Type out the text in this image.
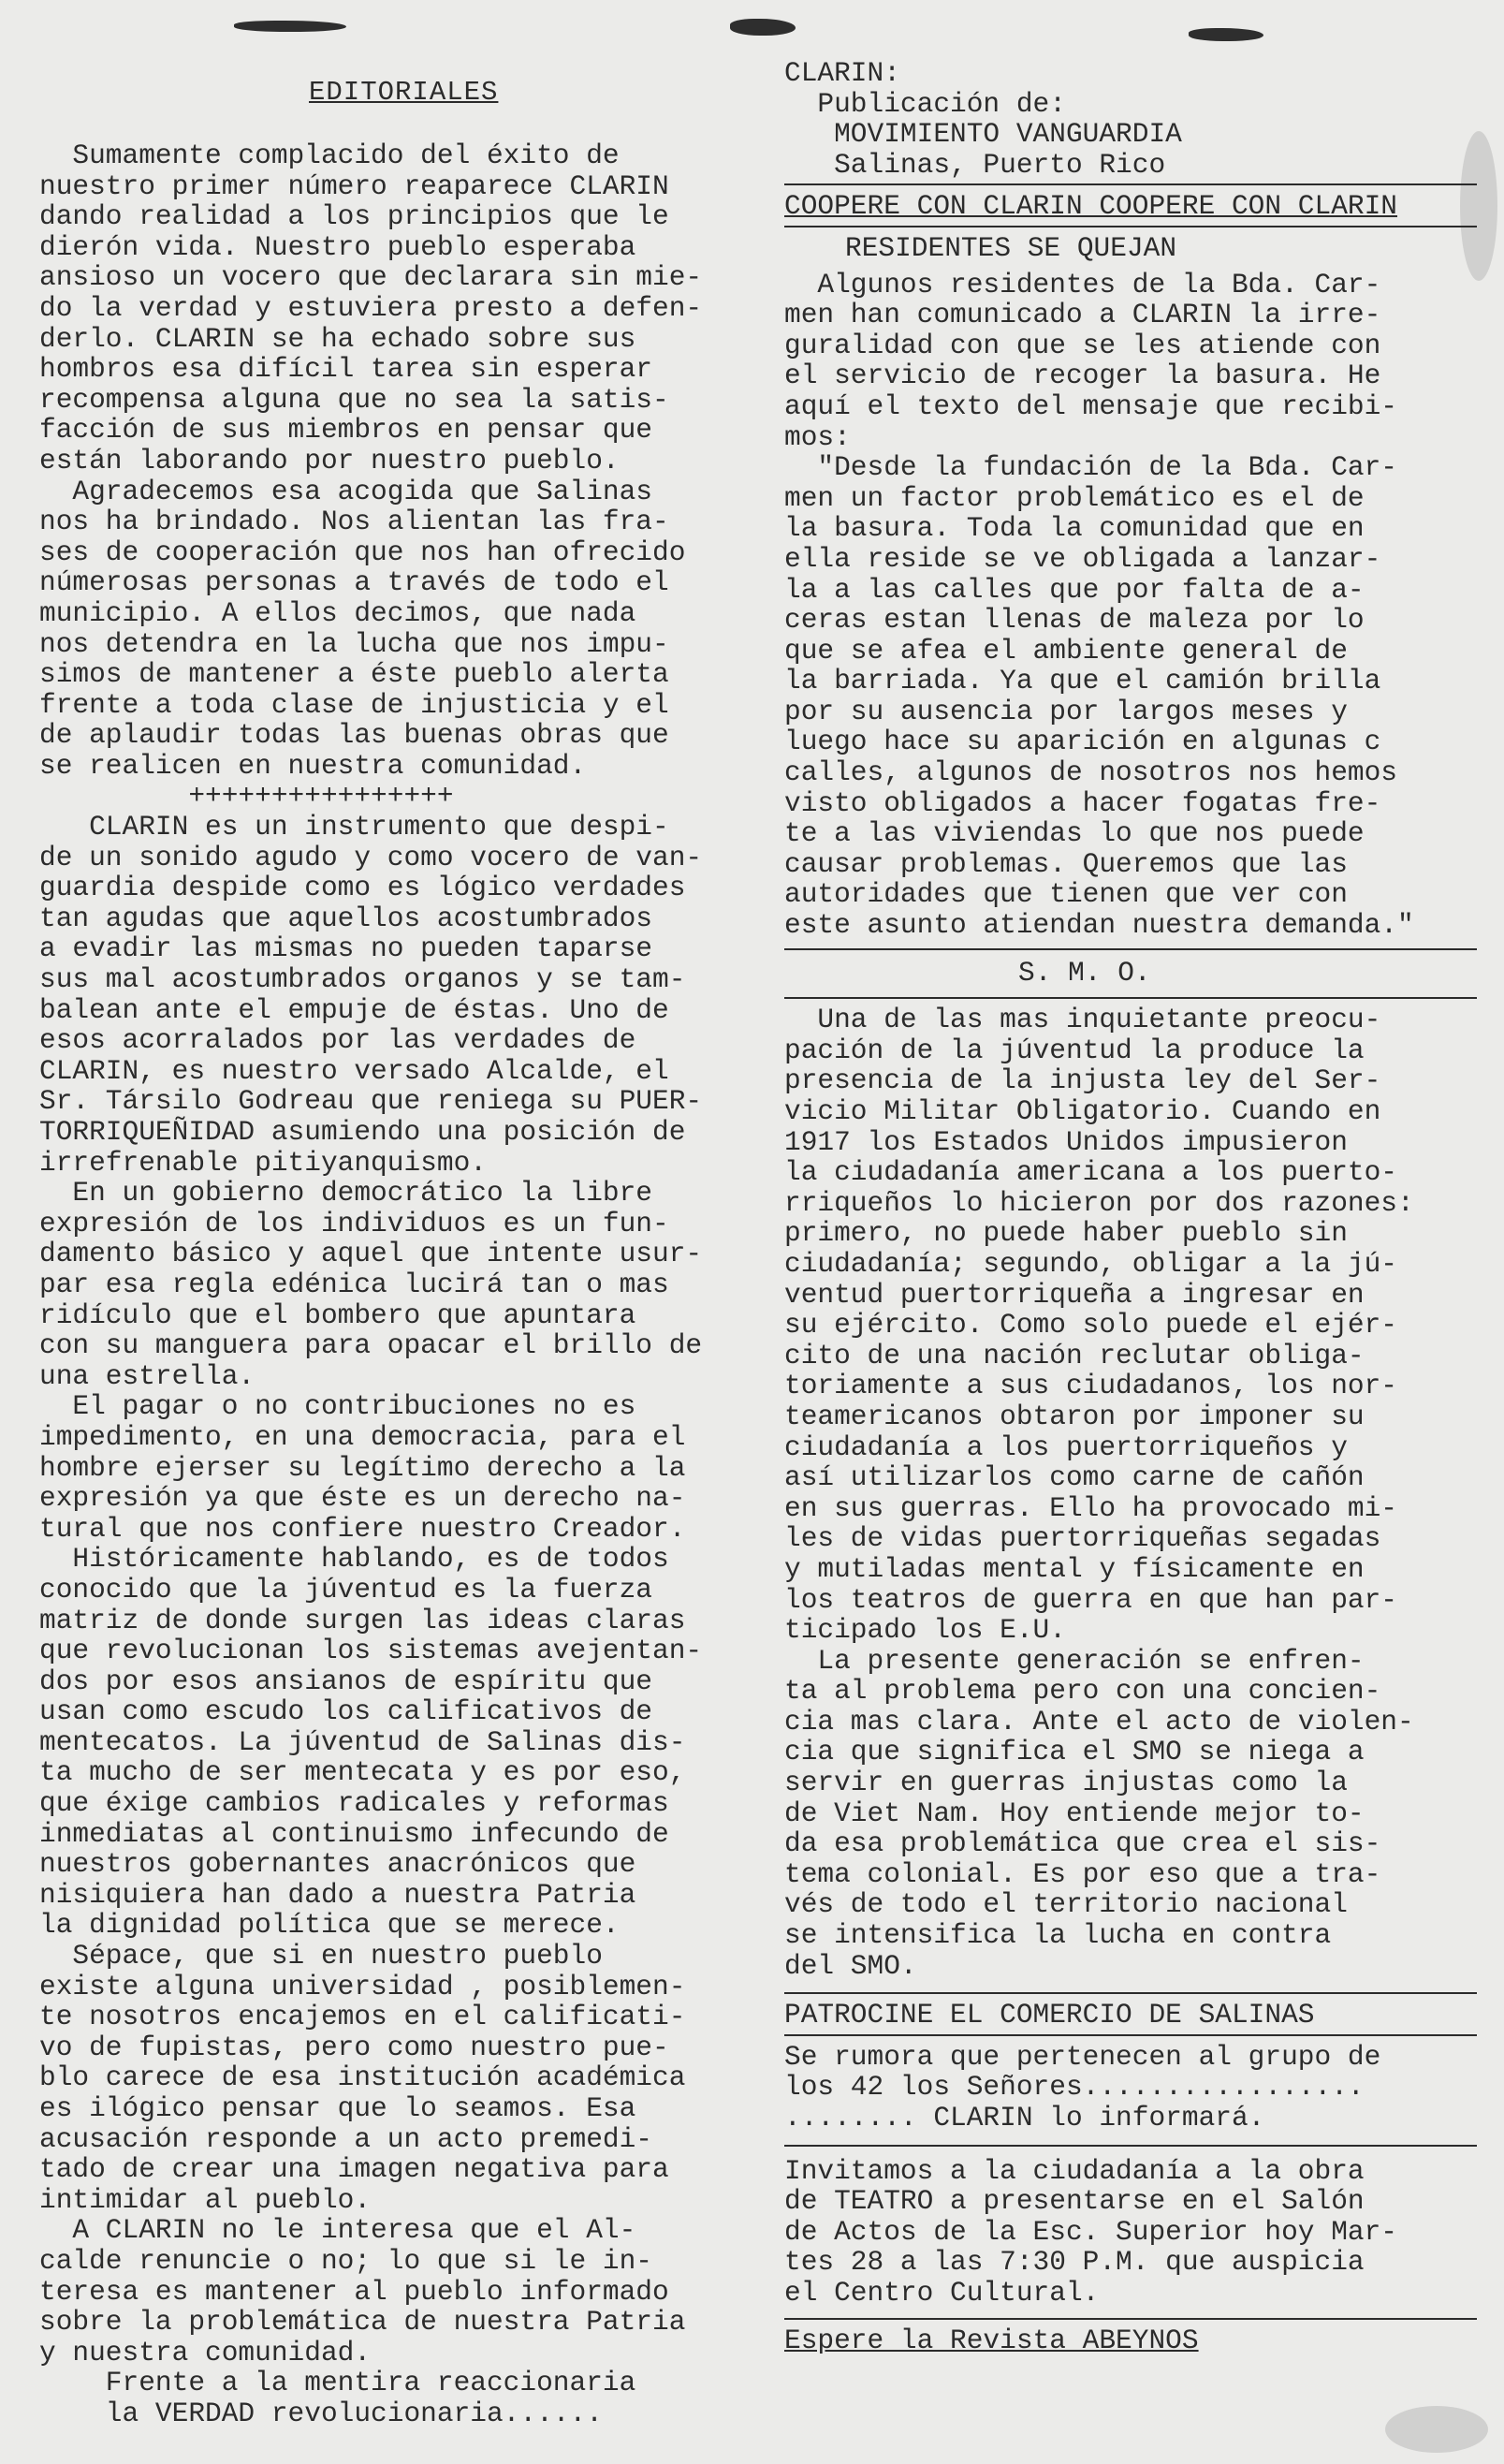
EDITORIALES

Sumamente complacido del éxito de

nuestro primer número reaparece CLARIN

dando realidad a los principios que le

dierón vida. Nuestro pueblo esperaba

ansioso un vocero que declarara sin mie-

do la verdad y estuviera presto a defen-

derlo. CLARIN se ha echado sobre sus

hombros esa difícil tarea sin esperar

recompensa alguna que no sea la satis-

facción de sus miembros en pensar que

están laborando por nuestro pueblo.

Agradecemos esa acogida que Salinas

nos ha brindado. Nos alientan las fra-

ses de cooperación que nos han ofrecido

númerosas personas a través de todo el

municipio. A ellos decimos, que nada

nos detendra en la lucha que nos impu-

simos de mantener a éste pueblo alerta

frente a toda clase de injusticia y el

de aplaudir todas las buenas obras que

se realicen en nuestra comunidad.

++++++++++++++++

CLARIN es un instrumento que despi-

de un sonido agudo y como vocero de van-

guardia despide como es lógico verdades

tan agudas que aquellos acostumbrados

a evadir las mismas no pueden taparse

sus mal acostumbrados organos y se tam-

balean ante el empuje de éstas. Uno de

esos acorralados por las verdades de

CLARIN, es nuestro versado Alcalde, el

Sr. Társilo Godreau que reniega su PUER-

TORRIQUEÑIDAD asumiendo una posición de

irrefrenable pitiyanquismo.

En un gobierno democrático la libre

expresión de los individuos es un fun-

damento básico y aquel que intente usur-

par esa regla edénica lucirá tan o mas

ridículo que el bombero que apuntara

con su manguera para opacar el brillo de

una estrella.

El pagar o no contribuciones no es

impedimento, en una democracia, para el

hombre ejerser su legítimo derecho a la

expresión ya que éste es un derecho na-

tural que nos confiere nuestro Creador.

Históricamente hablando, es de todos

conocido que la júventud es la fuerza

matriz de donde surgen las ideas claras

que revolucionan los sistemas avejentan-

dos por esos ansianos de espíritu que

usan como escudo los calificativos de

mentecatos. La júventud de Salinas dis-

ta mucho de ser mentecata y es por eso,

que éxige cambios radicales y reformas

inmediatas al continuismo infecundo de

nuestros gobernantes anacrónicos que

nisiquiera han dado a nuestra Patria

la dignidad política que se merece.

Sépace, que si en nuestro pueblo

existe alguna universidad , posiblemen-

te nosotros encajemos en el calificati-

vo de fupistas, pero como nuestro pue-

blo carece de esa institución académica

es ilógico pensar que lo seamos. Esa

acusación responde a un acto premedi-

tado de crear una imagen negativa para

intimidar al pueblo.

A CLARIN no le interesa que el Al-

calde renuncie o no; lo que si le in-

teresa es mantener al pueblo informado

sobre la problemática de nuestra Patria

y nuestra comunidad.

Frente a la mentira reaccionaria

la VERDAD revolucionaria......

CLARIN:

Publicación de:

MOVIMIENTO VANGUARDIA

Salinas, Puerto Rico

COOPERE CON CLARIN COOPERE CON CLARIN

RESIDENTES SE QUEJAN

Algunos residentes de la Bda. Car-

men han comunicado a CLARIN la irre-

guralidad con que se les atiende con

el servicio de recoger la basura. He

aquí el texto del mensaje que recibi-

mos:

"Desde la fundación de la Bda. Car-

men un factor problemático es el de

la basura. Toda la comunidad que en

ella reside se ve obligada a lanzar-

la a las calles que por falta de a-

ceras estan llenas de maleza por lo

que se afea el ambiente general de

la barriada. Ya que el camión brilla

por su ausencia por largos meses y

luego hace su aparición en algunas c

calles, algunos de nosotros nos hemos

visto obligados a hacer fogatas fre-

te a las viviendas lo que nos puede

causar problemas. Queremos que las

autoridades que tienen que ver con

este asunto atiendan nuestra demanda."

S. M. O.

Una de las mas inquietante preocu-

pación de la júventud la produce la

presencia de la injusta ley del Ser-

vicio Militar Obligatorio. Cuando en

1917 los Estados Unidos impusieron

la ciudadanía americana a los puerto-

rriqueños lo hicieron por dos razones:

primero, no puede haber pueblo sin

ciudadanía; segundo, obligar a la jú-

ventud puertorriqueña a ingresar en

su ejército. Como solo puede el ejér-

cito de una nación reclutar obliga-

toriamente a sus ciudadanos, los nor-

teamericanos obtaron por imponer su

ciudadanía a los puertorriqueños y

así utilizarlos como carne de cañón

en sus guerras. Ello ha provocado mi-

les de vidas puertorriqueñas segadas

y mutiladas mental y físicamente en

los teatros de guerra en que han par-

ticipado los E.U.

La presente generación se enfren-

ta al problema pero con una concien-

cia mas clara. Ante el acto de violen-

cia que significa el SMO se niega a

servir en guerras injustas como la

de Viet Nam. Hoy entiende mejor to-

da esa problemática que crea el sis-

tema colonial. Es por eso que a tra-

vés de todo el territorio nacional

se intensifica la lucha en contra

del SMO.

PATROCINE EL COMERCIO DE SALINAS

Se rumora que pertenecen al grupo de

los 42 los Señores.................

........ CLARIN lo informará.

Invitamos a la ciudadanía a la obra

de TEATRO a presentarse en el Salón

de Actos de la Esc. Superior hoy Mar-

tes 28 a las 7:30 P.M. que auspicia

el Centro Cultural.

Espere la Revista ABEYNOS
